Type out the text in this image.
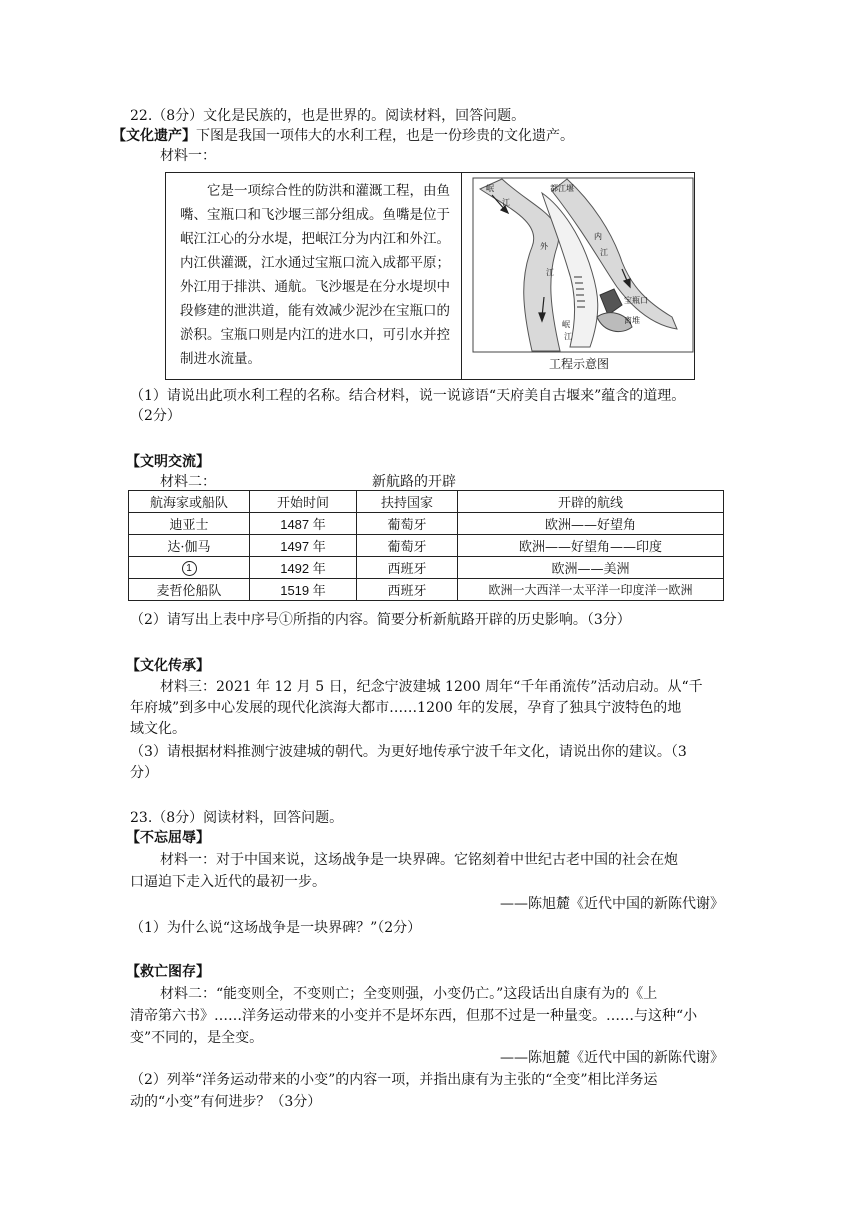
22.（8分）文化是民族的，也是世界的。阅读材料，回答问题。
【文化遗产】下图是我国一项伟大的水利工程，也是一份珍贵的文化遗产。
材料一：

它是一项综合性的防洪和灌溉工程，由鱼嘴、宝瓶口和飞沙堰三部分组成。鱼嘴是位于岷江江心的分水堤，把岷江分为内江和外江。内江供灌溉，江水通过宝瓶口流入成都平原；外江用于排洪、通航。飞沙堰是在分水堤坝中段修建的泄洪道，能有效减少泥沙在宝瓶口的淤积。宝瓶口则是内江的进水口，可引水并控制进水流量。

岷
江
都江堰
内
江
外
江
宝瓶口
离堆
岷
江
工程示意图
（1）请说出此项水利工程的名称。结合材料，说一说谚语“天府美自古堰来”蕴含的道理。
（2分）
【文明交流】
材料二：	新航路的开辟
航海家或船队	开始时间	扶持国家	开辟的航线
迪亚士	1487 年	葡萄牙	欧洲——好望角
达·伽马	1497 年	葡萄牙	欧洲——好望角——印度
1	1492 年	西班牙	欧洲——美洲
麦哲伦船队	1519 年	西班牙	欧洲一大西洋一太平洋一印度洋一欧洲
（2）请写出上表中序号①所指的内容。简要分析新航路开辟的历史影响。（3分）
【文化传承】
材料三：2021 年 12 月 5 日，纪念宁波建城 1200 周年“千年甬流传”活动启动。从“千
年府城”到多中心发展的现代化滨海大都市……1200 年的发展，孕育了独具宁波特色的地
域文化。
（3）请根据材料推测宁波建城的朝代。为更好地传承宁波千年文化，请说出你的建议。（3
分）
23.（8分）阅读材料，回答问题。
【不忘屈辱】
材料一：对于中国来说，这场战争是一块界碑。它铭刻着中世纪古老中国的社会在炮
口逼迫下走入近代的最初一步。
——陈旭麓《近代中国的新陈代谢》
（1）为什么说“这场战争是一块界碑？”（2分）
【救亡图存】
材料二：“能变则全，不变则亡；全变则强，小变仍亡。”这段话出自康有为的《上
清帝第六书》……洋务运动带来的小变并不是坏东西，但那不过是一种量变。……与这种“小
变”不同的，是全变。
——陈旭麓《近代中国的新陈代谢》
（2）列举“洋务运动带来的小变”的内容一项，并指出康有为主张的“全变”相比洋务运
动的“小变”有何进步？（3分）
